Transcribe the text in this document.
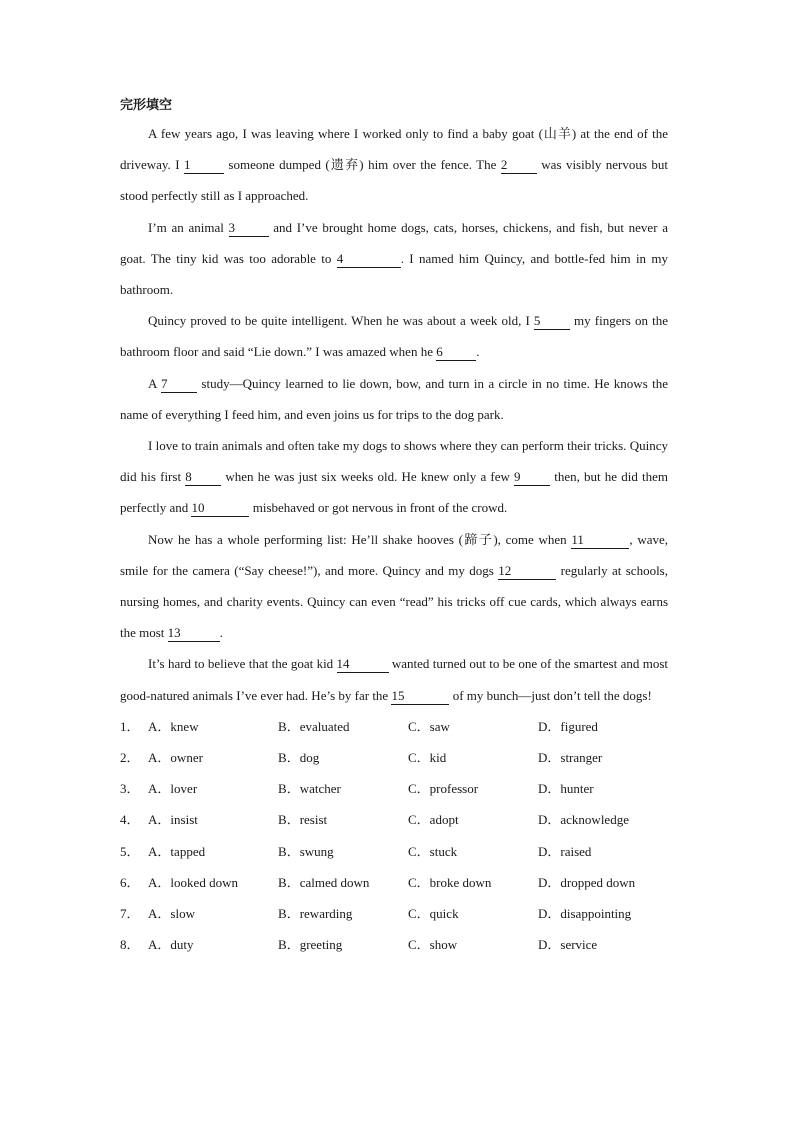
完形填空

A few years ago, I was leaving where I worked only to find a baby goat (山羊) at the end of the driveway. I 1	someone dumped (遗弃) him over the fence. The 2 was visibly nervous but stood perfectly still as I approached.

I’m an animal 3	and I’ve brought home dogs, cats, horses, chickens, and fish, but never a goat. The tiny kid was too adorable to 4	. I named him Quincy, and bottle-fed him in my bathroom.

Quincy proved to be quite intelligent. When he was about a week old, I 5 my fingers on the bathroom floor and said “Lie down.” I was amazed when he 6	.

A 7 study—Quincy learned to lie down, bow, and turn in a circle in no time. He knows the name of everything I feed him, and even joins us for trips to the dog park.

I love to train animals and often take my dogs to shows where they can perform their tricks. Quincy did his first 8 when he was just six weeks old. He knew only a few 9 then, but he did them perfectly and 10	misbehaved or got nervous in front of the crowd.

Now he has a whole performing list: He’ll shake hooves (蹄子), come when 11	, wave, smile for the camera (“Say cheese!”), and more. Quincy and my dogs 12	regularly at schools, nursing homes, and charity events. Quincy can even “read” his tricks off cue cards, which always earns the most 13	.

It’s hard to believe that the goat kid 14	wanted turned out to be one of the smartest and most good-natured animals I’ve ever had. He’s by far the 15	of my bunch—just don’t tell the dogs!

1． A．knew	B．evaluated	C．saw	D．figured
2． A．owner	B．dog	C．kid	D．stranger
3． A．lover	B．watcher	C．professor	D．hunter
4． A．insist	B．resist	C．adopt	D．acknowledge
5． A．tapped	B．swung	C．stuck	D．raised
6． A．looked down	B．calmed down	C．broke down	D．dropped down
7． A．slow	B．rewarding	C．quick	D．disappointing
8． A．duty	B．greeting	C．show	D．service
